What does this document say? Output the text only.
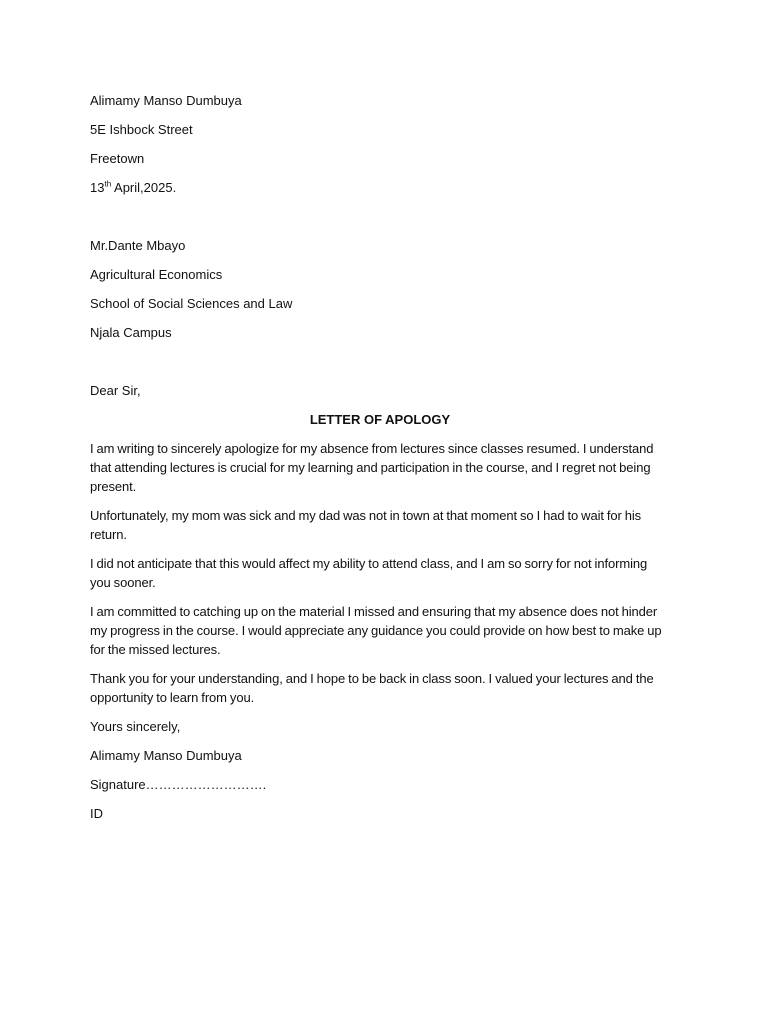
Alimamy Manso Dumbuya

5E Ishbock Street

Freetown

13th April,2025.

Mr.Dante Mbayo

Agricultural Economics

School of Social Sciences and Law

Njala Campus

Dear Sir,

LETTER OF APOLOGY

I am writing to sincerely apologize for my absence from lectures since classes resumed. I understand that attending lectures is crucial for my learning and participation in the course, and I regret not being present.

Unfortunately, my mom was sick and my dad was not in town at that moment so I had to wait for his return.

I did not anticipate that this would affect my ability to attend class, and I am so sorry for not informing you sooner.

I am committed to catching up on the material I missed and ensuring that my absence does not hinder my progress in the course. I would appreciate any guidance you could provide on how best to make up for the missed lectures.

Thank you for your understanding, and I hope to be back in class soon. I valued your lectures and the opportunity to learn from you.

Yours sincerely,

Alimamy Manso Dumbuya

Signature……………………….

ID
